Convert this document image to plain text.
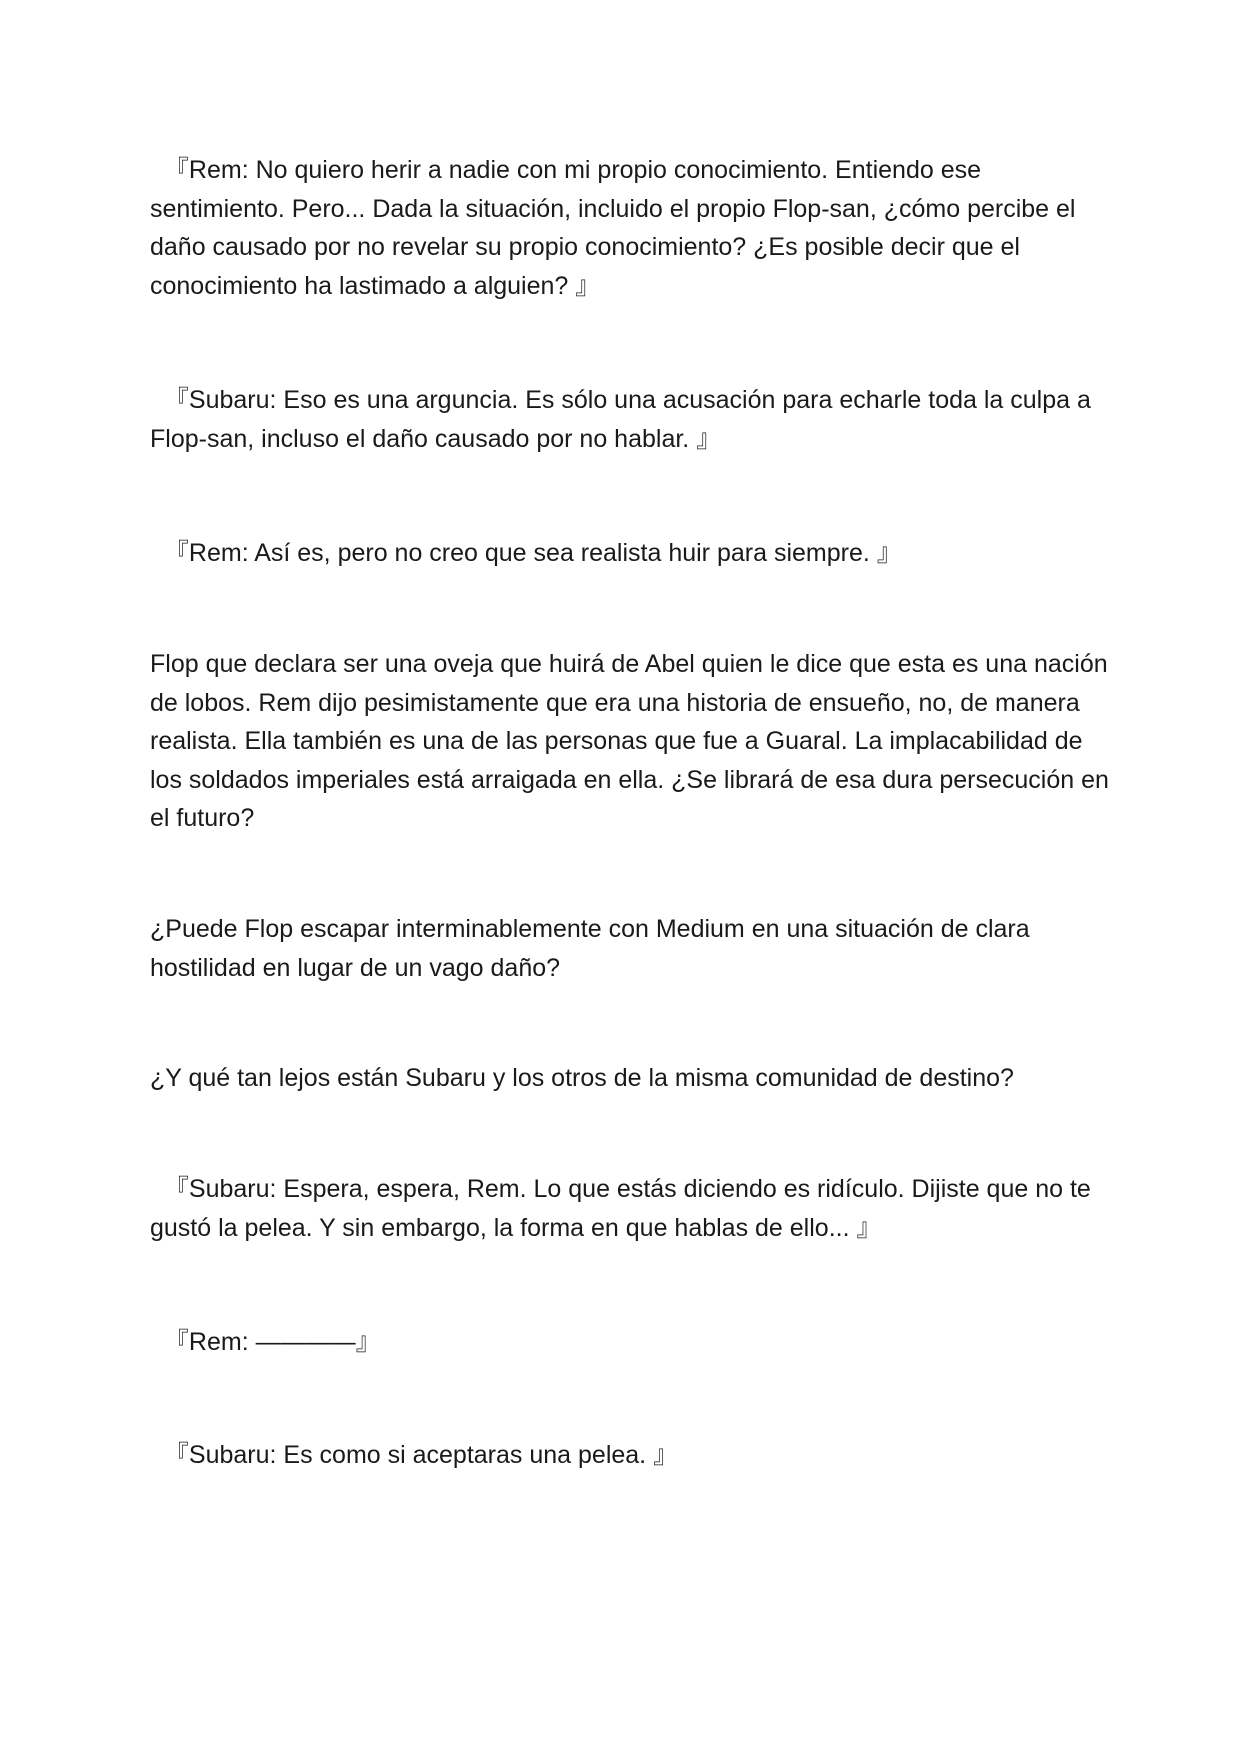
『Rem: No quiero herir a nadie con mi propio conocimiento. Entiendo ese sentimiento. Pero... Dada la situación, incluido el propio Flop-san, ¿cómo percibe el daño causado por no revelar su propio conocimiento? ¿Es posible decir que el conocimiento ha lastimado a alguien? 』

『Subaru: Eso es una arguncia. Es sólo una acusación para echarle toda la culpa a Flop-san, incluso el daño causado por no hablar. 』

『Rem: Así es, pero no creo que sea realista huir para siempre. 』

Flop que declara ser una oveja que huirá de Abel quien le dice que esta es una nación de lobos. Rem dijo pesimistamente que era una historia de ensueño, no, de manera realista. Ella también es una de las personas que fue a Guaral. La implacabilidad de los soldados imperiales está arraigada en ella. ¿Se librará de esa dura persecución en el futuro?

¿Puede Flop escapar interminablemente con Medium en una situación de clara hostilidad en lugar de un vago daño?

¿Y qué tan lejos están Subaru y los otros de la misma comunidad de destino?

『Subaru: Espera, espera, Rem. Lo que estás diciendo es ridículo. Dijiste que no te gustó la pelea. Y sin embargo, la forma en que hablas de ello... 』

『Rem: ————』

『Subaru: Es como si aceptaras una pelea. 』
